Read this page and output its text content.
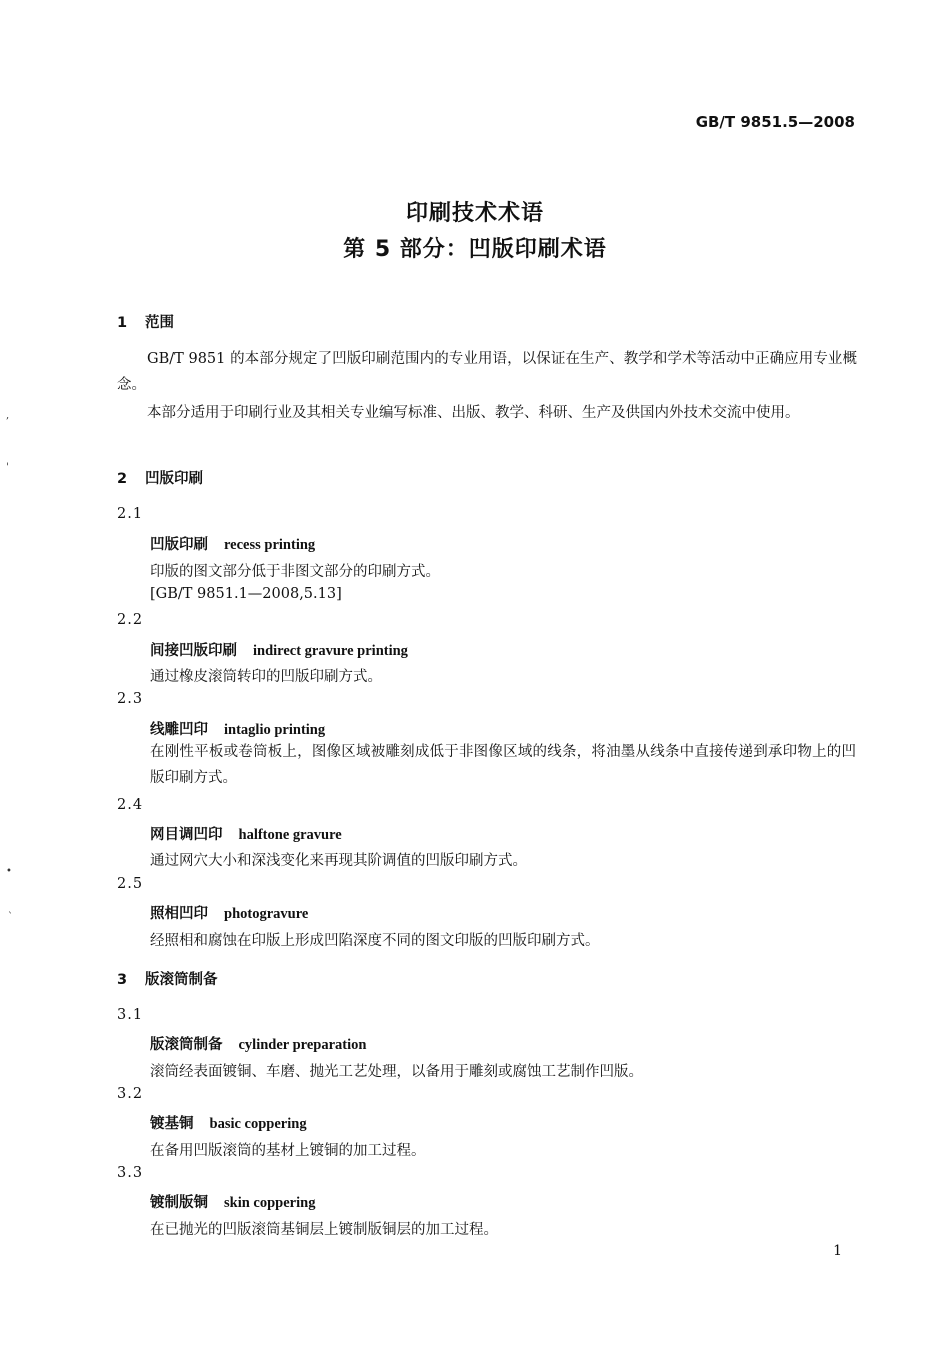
GB/T 9851.5—2008
印刷技术术语
第 5 部分：凹版印刷术语
1 范围

GB/T 9851 的本部分规定了凹版印刷范围内的专业用语，以保证在生产、教学和学术等活动中正确应用专业概念。

本部分适用于印刷行业及其相关专业编写标准、出版、教学、科研、生产及供国内外技术交流中使用。

2 凹版印刷
2.1
凹版印刷 recess printing
印版的图文部分低于非图文部分的印刷方式。
[GB/T 9851.1—2008,5.13]
2.2
间接凹版印刷 indirect gravure printing
通过橡皮滚筒转印的凹版印刷方式。
2.3
线雕凹印 intaglio printing
在刚性平板或卷筒板上，图像区域被雕刻成低于非图像区域的线条，将油墨从线条中直接传递到承印物上的凹版印刷方式。
2.4
网目调凹印 halftone gravure
通过网穴大小和深浅变化来再现其阶调值的凹版印刷方式。
2.5
照相凹印 photogravure
经照相和腐蚀在印版上形成凹陷深度不同的图文印版的凹版印刷方式。
3 版滚筒制备
3.1
版滚筒制备 cylinder preparation
滚筒经表面镀铜、车磨、抛光工艺处理，以备用于雕刻或腐蚀工艺制作凹版。
3.2
镀基铜 basic coppering
在备用凹版滚筒的基材上镀铜的加工过程。
3.3
镀制版铜 skin coppering
在已抛光的凹版滚筒基铜层上镀制版铜层的加工过程。
1
,
'
•
`
